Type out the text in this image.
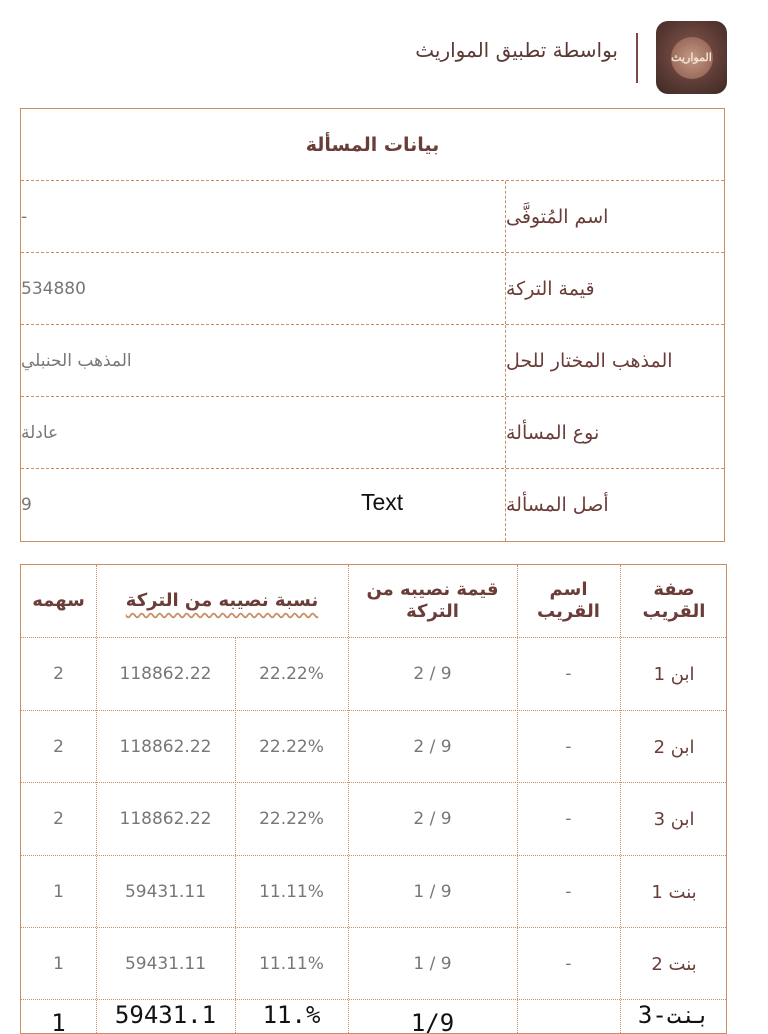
المواريث
بواسطة تطبيق المواريث
بيانات المسألة
اسم المُتوفَّى
-
قيمة التركة
534880
المذهب المختار للحل
المذهب الحنبلي
نوع المسألة
عادلة
أصل المسألة
9	Text
صفة القريب
اسم القريب
قيمة نصيبه من التركة
نسبة نصيبه من التركة
سهمه
ابن 1
-
2 / 9
22.22%
118862.22
2
ابن 2
-
2 / 9
22.22%
118862.22
2
ابن 3
-
2 / 9
22.22%
118862.22
2
بنت 1
-
1 / 9
11.11%
59431.11
1
بنت 2
-
1 / 9
11.11%
59431.11
1
بنت-3
1/9
11.%
59431.1
1
